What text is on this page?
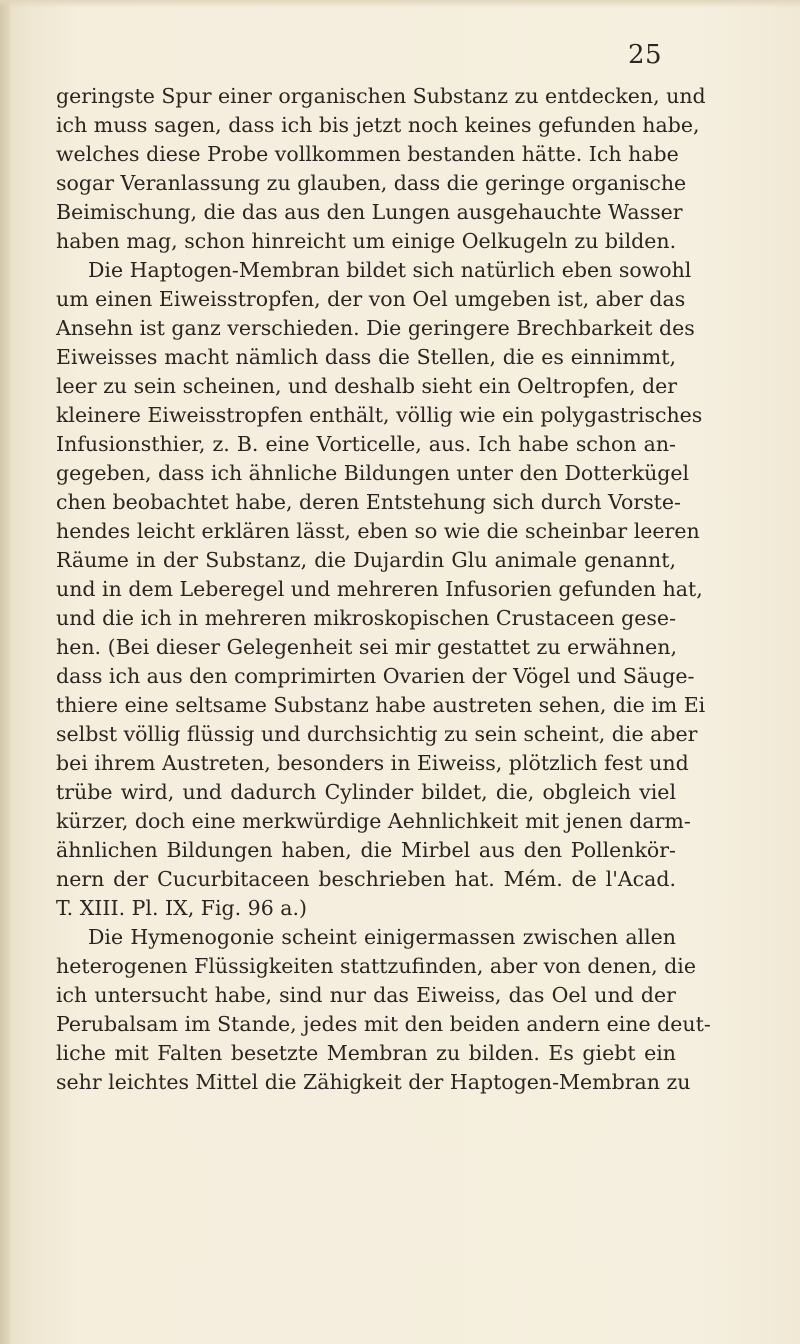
25
geringste Spur einer organischen Substanz zu entdecken, und
ich muss sagen, dass ich bis jetzt noch keines gefunden habe,
welches diese Probe vollkommen bestanden hätte. Ich habe
sogar Veranlassung zu glauben, dass die geringe organische
Beimischung, die das aus den Lungen ausgehauchte Wasser
haben mag, schon hinreicht um einige Oelkugeln zu bilden.
Die Haptogen-Membran bildet sich natürlich eben sowohl
um einen Eiweisstropfen, der von Oel umgeben ist, aber das
Ansehn ist ganz verschieden. Die geringere Brechbarkeit des
Eiweisses macht nämlich dass die Stellen, die es einnimmt,
leer zu sein scheinen, und deshalb sieht ein Oeltropfen, der
kleinere Eiweisstropfen enthält, völlig wie ein polygastrisches
Infusionsthier, z. B. eine Vorticelle, aus. Ich habe schon an-
gegeben, dass ich ähnliche Bildungen unter den Dotterkügel
chen beobachtet habe, deren Entstehung sich durch Vorste-
hendes leicht erklären lässt, eben so wie die scheinbar leeren
Räume in der Substanz, die Dujardin Glu animale genannt,
und in dem Leberegel und mehreren Infusorien gefunden hat,
und die ich in mehreren mikroskopischen Crustaceen gese-
hen. (Bei dieser Gelegenheit sei mir gestattet zu erwähnen,
dass ich aus den comprimirten Ovarien der Vögel und Säuge-
thiere eine seltsame Substanz habe austreten sehen, die im Ei
selbst völlig flüssig und durchsichtig zu sein scheint, die aber
bei ihrem Austreten, besonders in Eiweiss, plötzlich fest und
trübe wird, und dadurch Cylinder bildet, die, obgleich viel
kürzer, doch eine merkwürdige Aehnlichkeit mit jenen darm-
ähnlichen Bildungen haben, die Mirbel aus den Pollenkör-
nern der Cucurbitaceen beschrieben hat. Mém. de l'Acad.
T. XIII. Pl. IX, Fig. 96 a.)
Die Hymenogonie scheint einigermassen zwischen allen
heterogenen Flüssigkeiten stattzufinden, aber von denen, die
ich untersucht habe, sind nur das Eiweiss, das Oel und der
Perubalsam im Stande, jedes mit den beiden andern eine deut-
liche mit Falten besetzte Membran zu bilden. Es giebt ein
sehr leichtes Mittel die Zähigkeit der Haptogen-Membran zu
